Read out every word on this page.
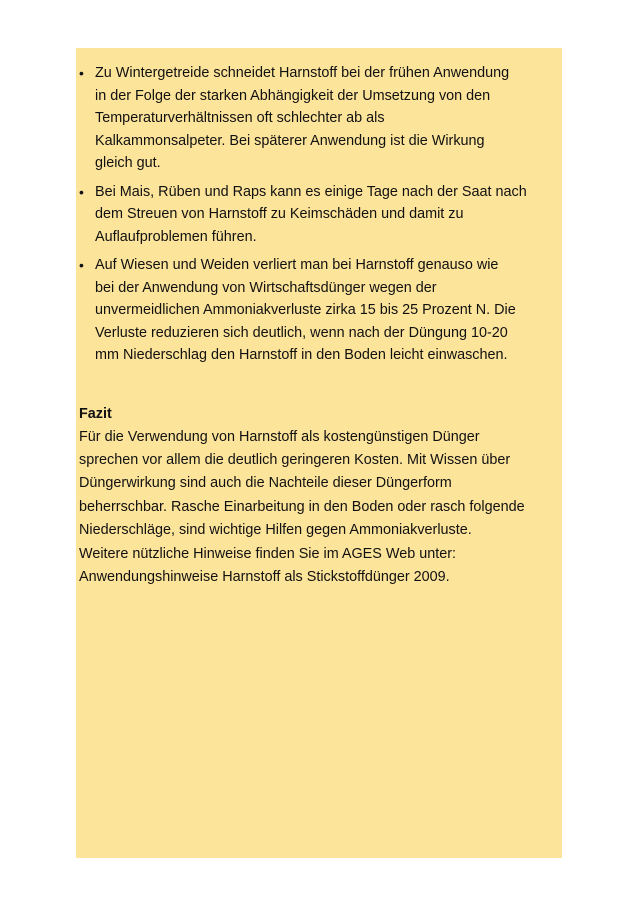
• Zu Wintergetreide schneidet Harnstoff bei der frühen Anwendung
in der Folge der starken Abhängigkeit der Umsetzung von den
Temperaturverhältnissen oft schlechter ab als
Kalkammonsalpeter. Bei späterer Anwendung ist die Wirkung
gleich gut.
• Bei Mais, Rüben und Raps kann es einige Tage nach der Saat nach
dem Streuen von Harnstoff zu Keimschäden und damit zu
Auflaufproblemen führen.
• Auf Wiesen und Weiden verliert man bei Harnstoff genauso wie
bei der Anwendung von Wirtschaftsdünger wegen der
unvermeidlichen Ammoniakverluste zirka 15 bis 25 Prozent N. Die
Verluste reduzieren sich deutlich, wenn nach der Düngung 10-20
mm Niederschlag den Harnstoff in den Boden leicht einwaschen.
Fazit
Für die Verwendung von Harnstoff als kostengünstigen Dünger
sprechen vor allem die deutlich geringeren Kosten. Mit Wissen über
Düngerwirkung sind auch die Nachteile dieser Düngerform
beherrschbar. Rasche Einarbeitung in den Boden oder rasch folgende
Niederschläge, sind wichtige Hilfen gegen Ammoniakverluste.
Weitere nützliche Hinweise finden Sie im AGES Web unter:
Anwendungshinweise Harnstoff als Stickstoffdünger 2009.
